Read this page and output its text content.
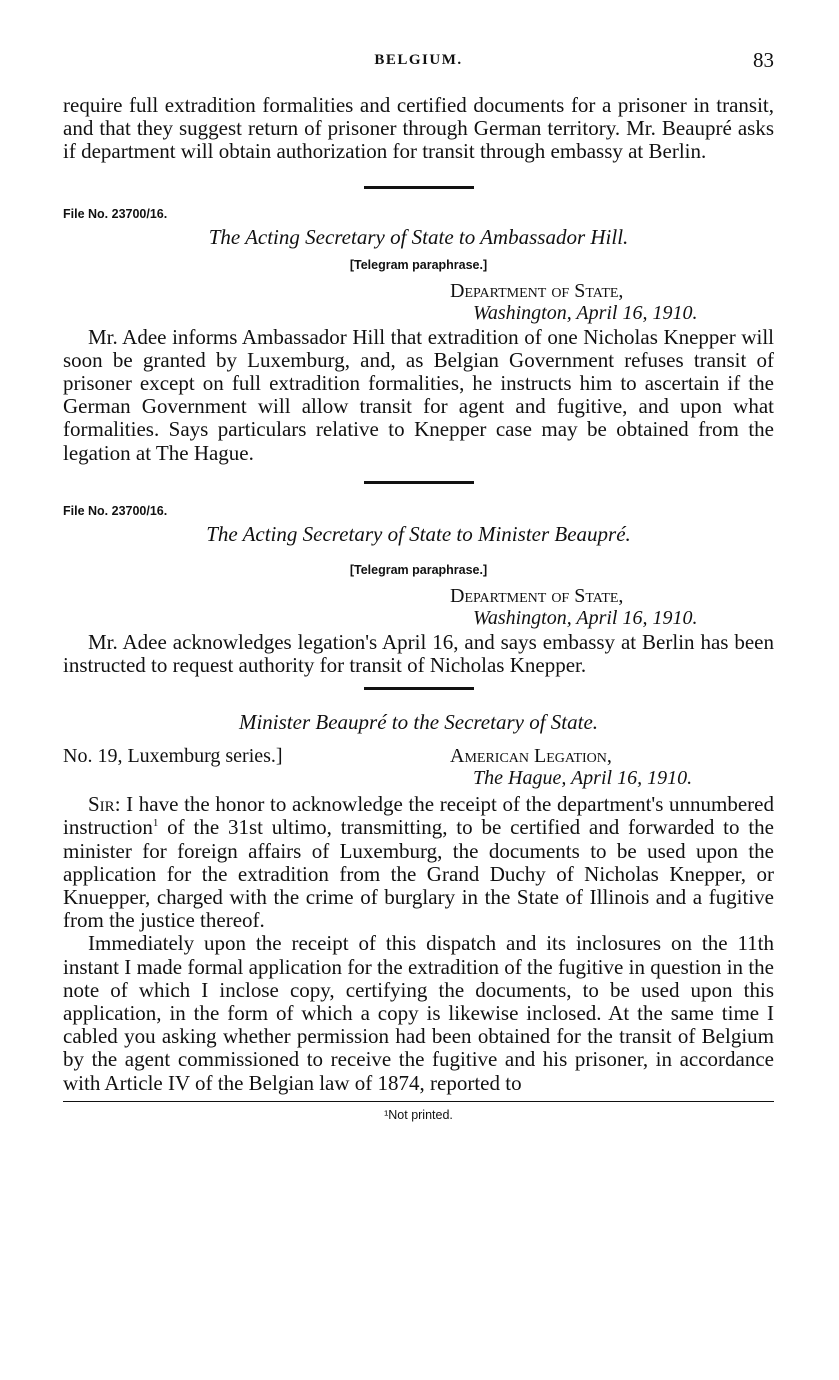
BELGIUM.	83

require full extradition formalities and certified documents for a prisoner in transit, and that they suggest return of prisoner through German territory. Mr. Beaupré asks if department will obtain authorization for transit through embassy at Berlin.

File No. 23700/16.
The Acting Secretary of State to Ambassador Hill.
[Telegram paraphrase.]
Department of State,
Washington, April 16, 1910.

Mr. Adee informs Ambassador Hill that extradition of one Nicholas Knepper will soon be granted by Luxemburg, and, as Belgian Government refuses transit of prisoner except on full extradition formalities, he instructs him to ascertain if the German Government will allow transit for agent and fugitive, and upon what formalities. Says particulars relative to Knepper case may be obtained from the legation at The Hague.

File No. 23700/16.
The Acting Secretary of State to Minister Beaupré.
[Telegram paraphrase.]
Department of State,
Washington, April 16, 1910.

Mr. Adee acknowledges legation's April 16, and says embassy at Berlin has been instructed to request authority for transit of Nicholas Knepper.

Minister Beaupré to the Secretary of State.
No. 19, Luxemburg series.]	American Legation,
The Hague, April 16, 1910.

Sir: I have the honor to acknowledge the receipt of the department's unnumbered instruction$^1$ of the 31st ultimo, transmitting, to be certified and forwarded to the minister for foreign affairs of Luxemburg, the documents to be used upon the application for the extradition from the Grand Duchy of Nicholas Knepper, or Knuepper, charged with the crime of burglary in the State of Illinois and a fugitive from the justice thereof.

Immediately upon the receipt of this dispatch and its inclosures on the 11th instant I made formal application for the extradition of the fugitive in question in the note of which I inclose copy, certifying the documents, to be used upon this application, in the form of which a copy is likewise inclosed. At the same time I cabled you asking whether permission had been obtained for the transit of Belgium by the agent commissioned to receive the fugitive and his prisoner, in accordance with Article IV of the Belgian law of 1874, reported to

¹Not printed.
